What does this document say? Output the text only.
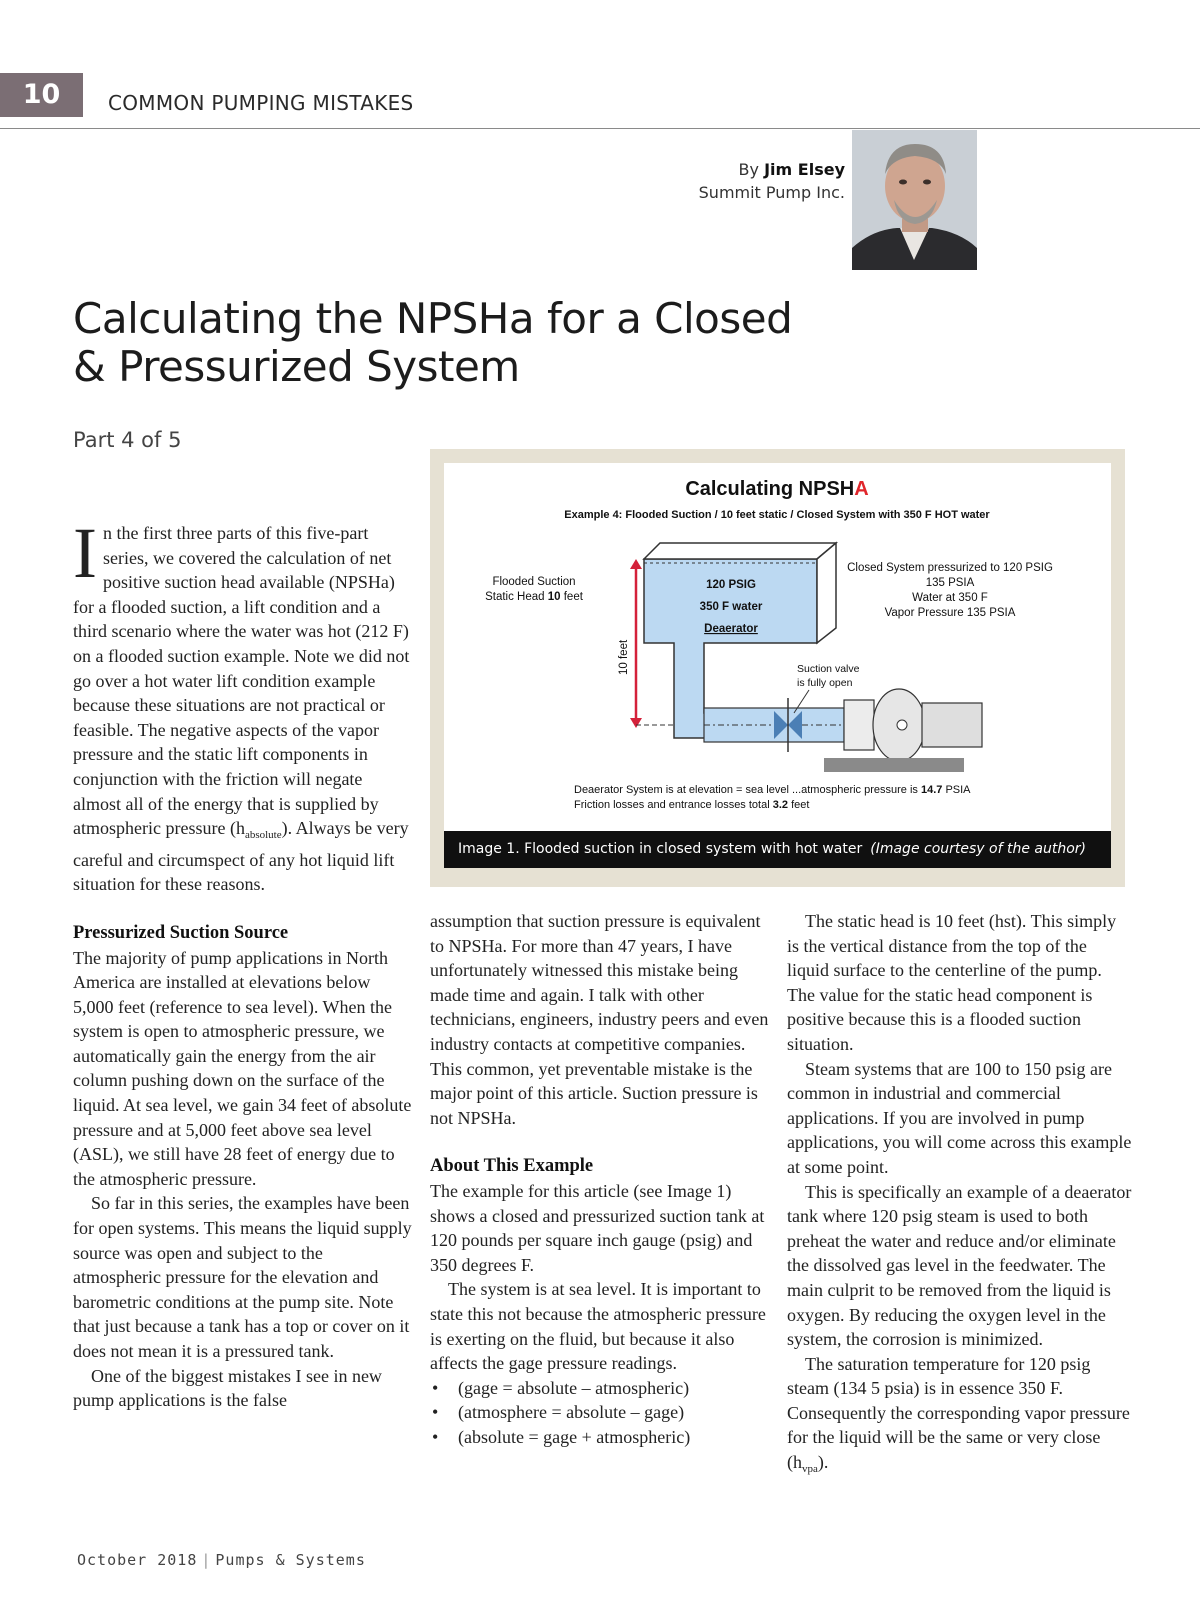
10	COMMON PUMPING MISTAKES
By Jim Elsey
Summit Pump Inc.
Calculating the NPSHa for a Closed & Pressurized System
Part 4 of 5

In the first three parts of this five-part series, we covered the calculation of net positive suction head available (NPSHa) for a flooded suction, a lift condition and a third scenario where the water was hot (212 F) on a flooded suction example. Note we did not go over a hot water lift condition example because these situations are not practical or feasible. The negative aspects of the vapor pressure and the static lift components in conjunction with the friction will negate almost all of the energy that is supplied by atmospheric pressure $(h_{absolute})$. Always be very careful and circumspect of any hot liquid lift situation for these reasons.

Pressurized Suction Source

The majority of pump applications in North America are installed at elevations below 5,000 feet (reference to sea level). When the system is open to atmospheric pressure, we automatically gain the energy from the air column pushing down on the surface of the liquid. At sea level, we gain 34 feet of absolute pressure and at 5,000 feet above sea level (ASL), we still have 28 feet of energy due to the atmospheric pressure.

So far in this series, the examples have been for open systems. This means the liquid supply source was open and subject to the atmospheric pressure for the elevation and barometric conditions at the pump site. Note that just because a tank has a top or cover on it does not mean it is a pressured tank.

One of the biggest mistakes I see in new pump applications is the false

Calculating NPSHA
Example 4: Flooded Suction / 10 feet static / Closed System with 350 F HOT water
Flooded Suction
Static Head 10 feet
Closed System pressurized to 120 PSIG
135 PSIA
Water at 350 F
Vapor Pressure 135 PSIA
120 PSIG
350 F water
Deaerator
10 feet	Suction valve
is fully open
Deaerator System is at elevation = sea level ...atmospheric pressure is 14.7 PSIA
Friction losses and entrance losses total 3.2 feet
Image 1. Flooded suction in closed system with hot water (Image courtesy of the author)

assumption that suction pressure is equivalent to NPSHa. For more than 47 years, I have unfortunately witnessed this mistake being made time and again. I talk with other technicians, engineers, industry peers and even industry contacts at competitive companies. This common, yet preventable mistake is the major point of this article. Suction pressure is not NPSHa.

About This Example

The example for this article (see Image 1) shows a closed and pressurized suction tank at 120 pounds per square inch gauge (psig) and 350 degrees F.

The system is at sea level. It is important to state this not because the atmospheric pressure is exerting on the fluid, but because it also affects the gage pressure readings.

• (gage = absolute – atmospheric)
• (atmosphere = absolute – gage)
• (absolute = gage + atmospheric)

The static head is 10 feet (hst). This simply is the vertical distance from the top of the liquid surface to the centerline of the pump. The value for the static head component is positive because this is a flooded suction situation.

Steam systems that are 100 to 150 psig are common in industrial and commercial applications. If you are involved in pump applications, you will come across this example at some point.

This is specifically an example of a deaerator tank where 120 psig steam is used to both preheat the water and reduce and/or eliminate the dissolved gas level in the feedwater. The main culprit to be removed from the liquid is oxygen. By reducing the oxygen level in the system, the corrosion is minimized.

The saturation temperature for 120 psig steam (134 5 psia) is in essence 350 F. Consequently the corresponding vapor pressure for the liquid will be the same or very close $(h_{vpa})$.

October 2018 | Pumps & Systems
